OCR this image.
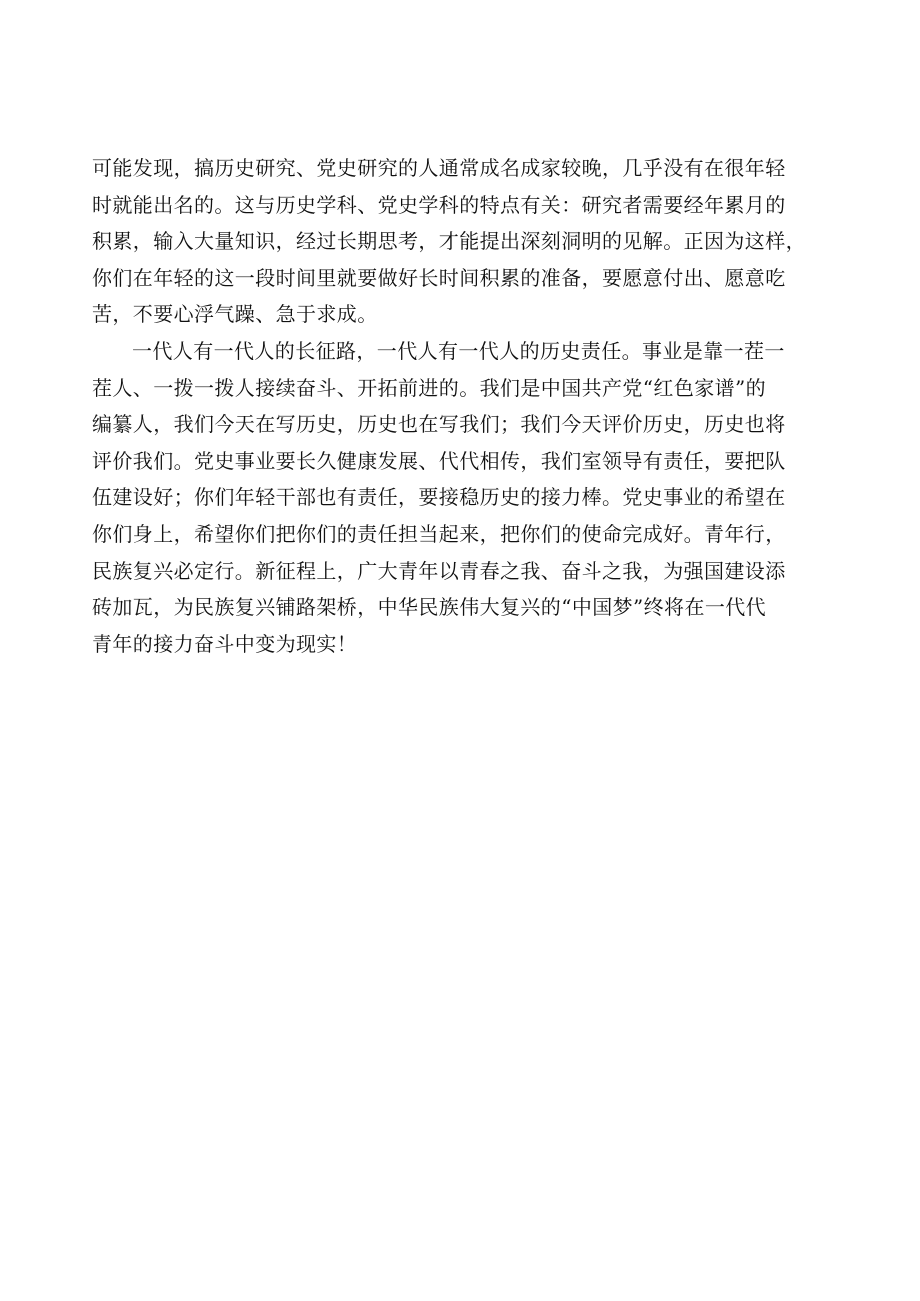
可能发现，搞历史研究、党史研究的人通常成名成家较晚，几乎没有在很年轻
时就能出名的。这与历史学科、党史学科的特点有关：研究者需要经年累月的
积累，输入大量知识，经过长期思考，才能提出深刻洞明的见解。正因为这样，
你们在年轻的这一段时间里就要做好长时间积累的准备，要愿意付出、愿意吃
苦，不要心浮气躁、急于求成。
一代人有一代人的长征路，一代人有一代人的历史责任。事业是靠一茬一
茬人、一拨一拨人接续奋斗、开拓前进的。我们是中国共产党“红色家谱”的
编纂人，我们今天在写历史，历史也在写我们；我们今天评价历史，历史也将
评价我们。党史事业要长久健康发展、代代相传，我们室领导有责任，要把队
伍建设好；你们年轻干部也有责任，要接稳历史的接力棒。党史事业的希望在
你们身上，希望你们把你们的责任担当起来，把你们的使命完成好。青年行，
民族复兴必定行。新征程上，广大青年以青春之我、奋斗之我，为强国建设添
砖加瓦，为民族复兴铺路架桥，中华民族伟大复兴的“中国梦”终将在一代代
青年的接力奋斗中变为现实！
